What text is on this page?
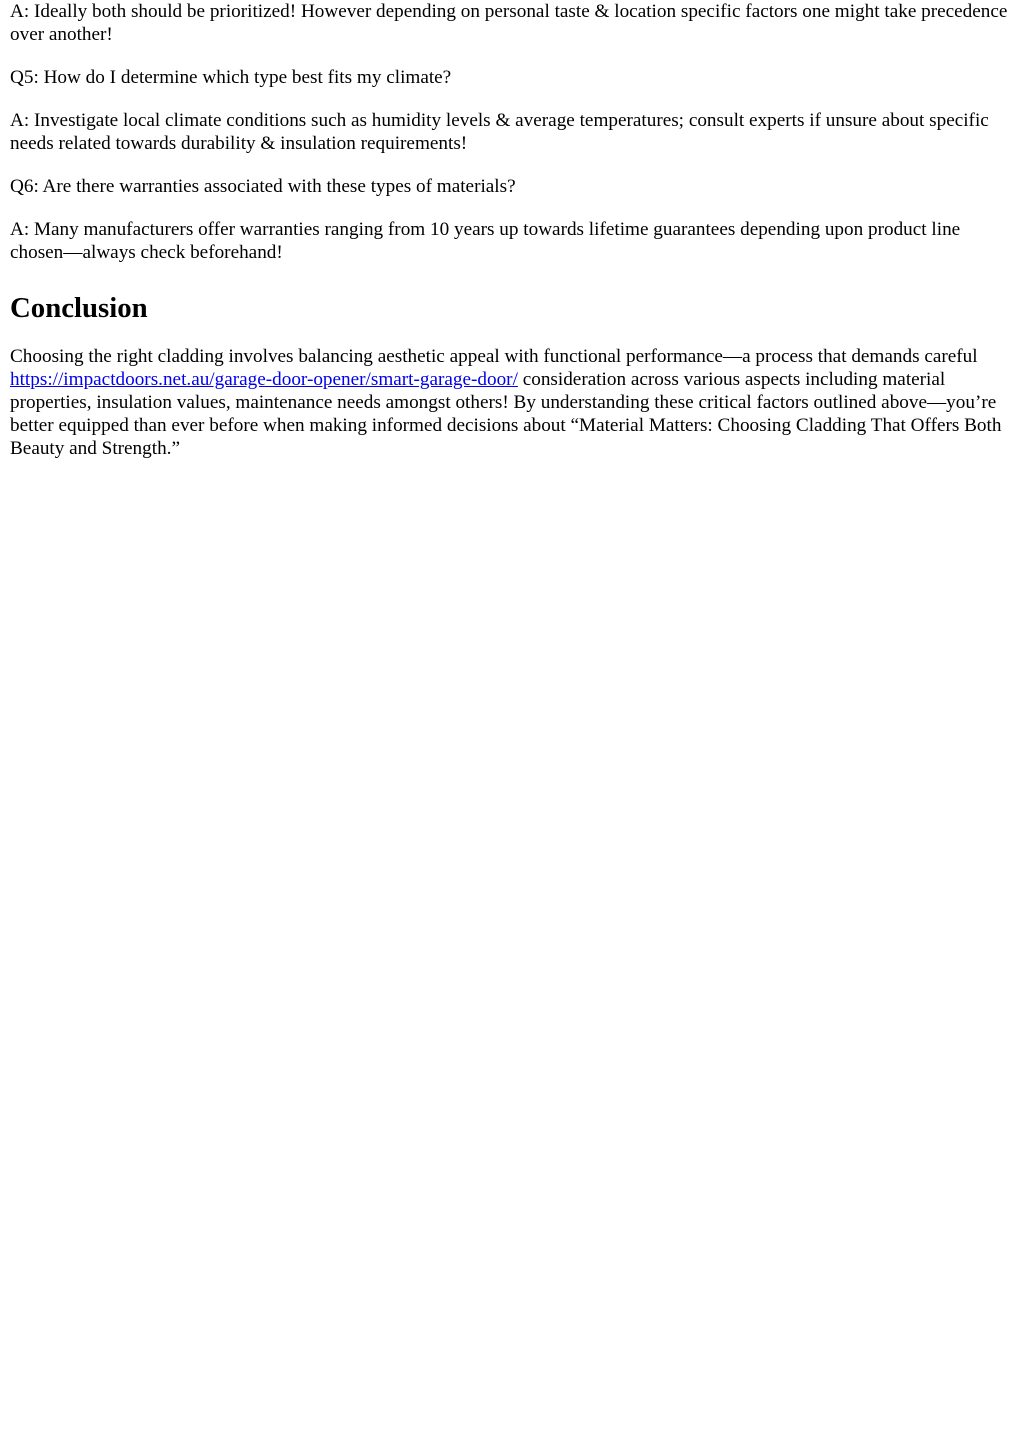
A: Ideally both should be prioritized! However depending on personal taste & location specific factors one might take precedence over another!

Q5: How do I determine which type best fits my climate?

A: Investigate local climate conditions such as humidity levels & average temperatures; consult experts if unsure about specific needs related towards durability & insulation requirements!

Q6: Are there warranties associated with these types of materials?

A: Many manufacturers offer warranties ranging from 10 years up towards lifetime guarantees depending upon product line chosen—always check beforehand!

Conclusion

Choosing the right cladding involves balancing aesthetic appeal with functional performance—a process that demands careful https://impactdoors.net.au/garage-door-opener/smart-garage-door/ consideration across various aspects including material properties, insulation values, maintenance needs amongst others! By understanding these critical factors outlined above—you’re better equipped than ever before when making informed decisions about “Material Matters: Choosing Cladding That Offers Both Beauty and Strength.”
